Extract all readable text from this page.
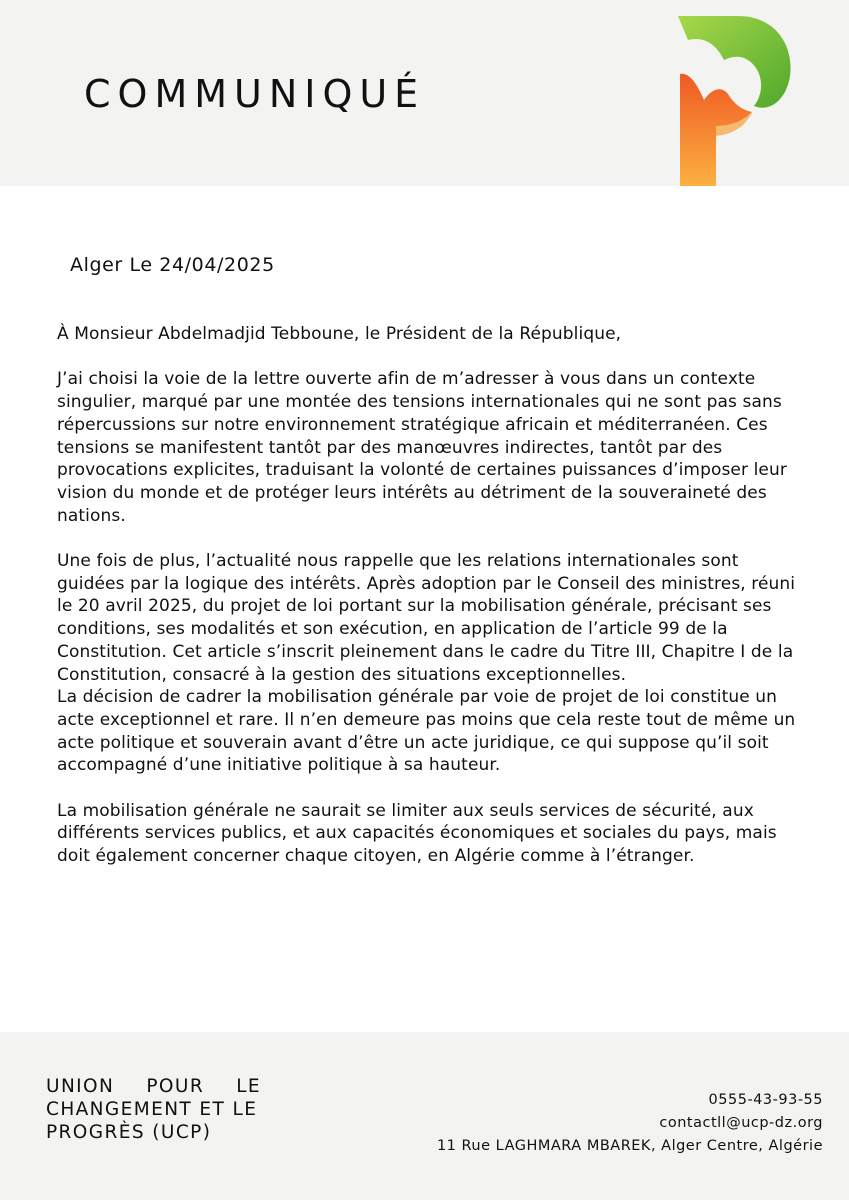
COMMUNIQUÉ
Alger Le 24/04/2025

À Monsieur Abdelmadjid Tebboune, le Président de la République,

J’ai choisi la voie de la lettre ouverte afin de m’adresser à vous dans un contexte singulier, marqué par une montée des tensions internationales qui ne sont pas sans répercussions sur notre environnement stratégique africain et méditerranéen. Ces tensions se manifestent tantôt par des manœuvres indirectes, tantôt par des provocations explicites, traduisant la volonté de certaines puissances d’imposer leur vision du monde et de protéger leurs intérêts au détriment de la souveraineté des nations.

Une fois de plus, l’actualité nous rappelle que les relations internationales sont guidées par la logique des intérêts. Après adoption par le Conseil des ministres, réuni le 20 avril 2025, du projet de loi portant sur la mobilisation générale, précisant ses conditions, ses modalités et son exécution, en application de l’article 99 de la Constitution. Cet article s’inscrit pleinement dans le cadre du Titre III, Chapitre I de la Constitution, consacré à la gestion des situations exceptionnelles.

La décision de cadrer la mobilisation générale par voie de projet de loi constitue un acte exceptionnel et rare. Il n’en demeure pas moins que cela reste tout de même un acte politique et souverain avant d’être un acte juridique, ce qui suppose qu’il soit accompagné d’une initiative politique à sa hauteur.

La mobilisation générale ne saurait se limiter aux seuls services de sécurité, aux différents services publics, et aux capacités économiques et sociales du pays, mais doit également concerner chaque citoyen, en Algérie comme à l’étranger.

UNION POUR LE
CHANGEMENT ET LE
PROGRÈS (UCP)
0555-43-93-55
contactll@ucp-dz.org
11 Rue LAGHMARA MBAREK, Alger Centre, Algérie
